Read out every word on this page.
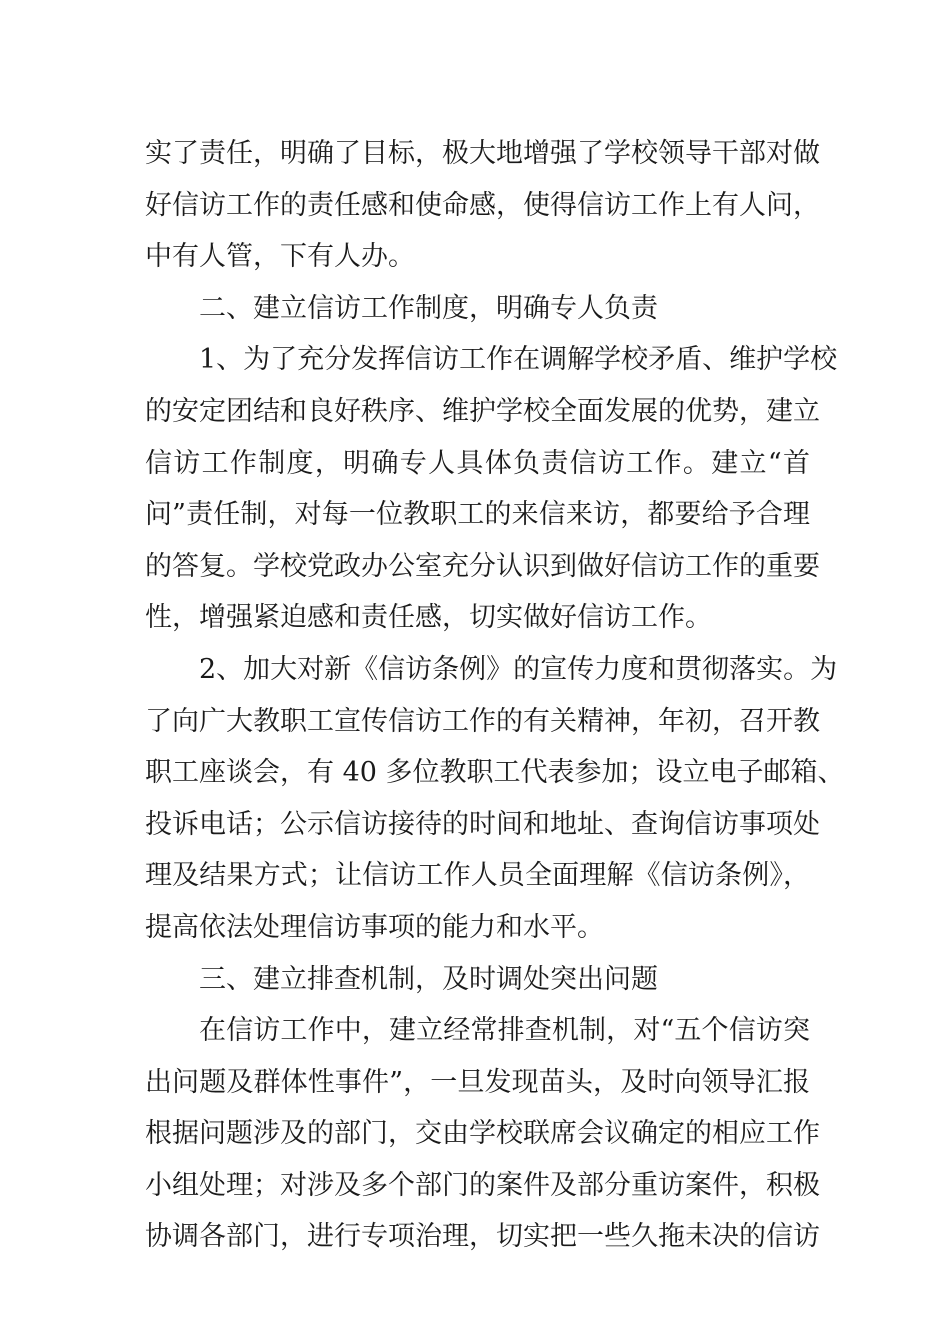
实了责任，明确了目标，极大地增强了学校领导干部对做
好信访工作的责任感和使命感，使得信访工作上有人问，
中有人管，下有人办。
二、建立信访工作制度，明确专人负责
1、为了充分发挥信访工作在调解学校矛盾、维护学校
的安定团结和良好秩序、维护学校全面发展的优势，建立
信访工作制度，明确专人具体负责信访工作。建立“首
问”责任制，对每一位教职工的来信来访，都要给予合理
的答复。学校党政办公室充分认识到做好信访工作的重要
性，增强紧迫感和责任感，切实做好信访工作。
2、加大对新《信访条例》的宣传力度和贯彻落实。为
了向广大教职工宣传信访工作的有关精神，年初，召开教
职工座谈会，有 40 多位教职工代表参加；设立电子邮箱、
投诉电话；公示信访接待的时间和地址、查询信访事项处
理及结果方式；让信访工作人员全面理解《信访条例》，
提高依法处理信访事项的能力和水平。
三、建立排查机制，及时调处突出问题
在信访工作中，建立经常排查机制，对“五个信访突
出问题及群体性事件”，一旦发现苗头，及时向领导汇报
根据问题涉及的部门，交由学校联席会议确定的相应工作
小组处理；对涉及多个部门的案件及部分重访案件，积极
协调各部门，进行专项治理，切实把一些久拖未决的信访
